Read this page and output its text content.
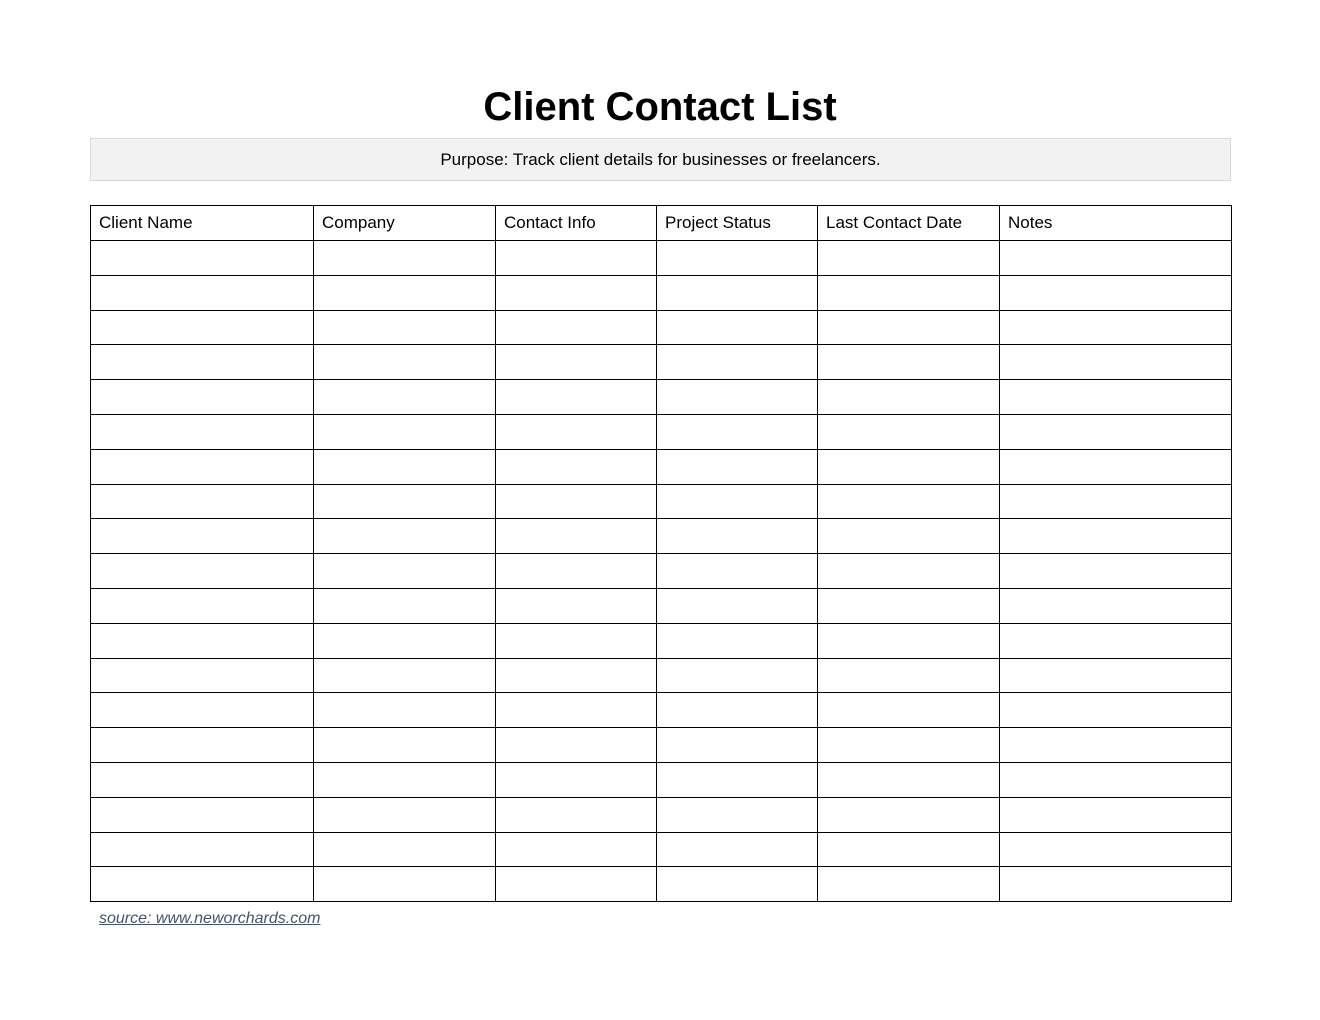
Client Contact List
Purpose: Track client details for businesses or freelancers.
Client Name	Company	Contact Info	Project Status	Last Contact Date	Notes

source: www.neworchards.com
